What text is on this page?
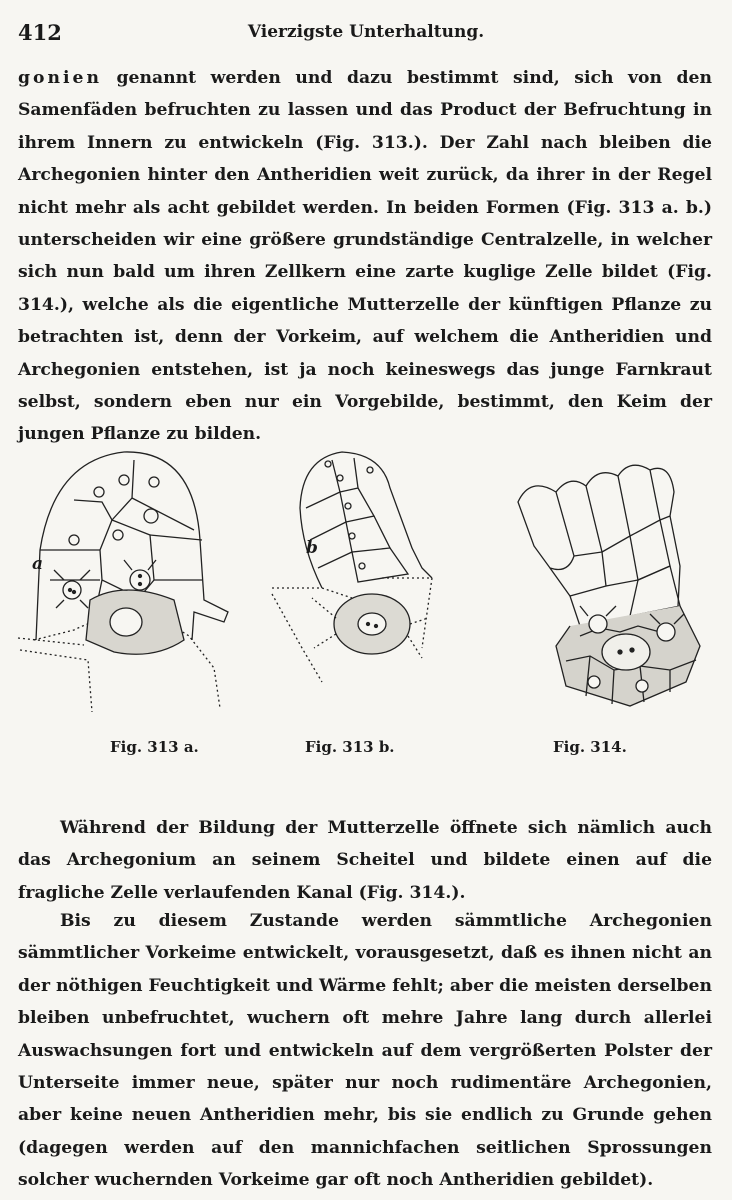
412	Vierzigste Unterhaltung.

gonien genannt werden und dazu bestimmt sind, sich von den Samenfäden befruchten zu lassen und das Product der Befruchtung in ihrem Innern zu entwickeln (Fig. 313.). Der Zahl nach bleiben die Archegonien hinter den Antheridien weit zurück, da ihrer in der Regel nicht mehr als acht gebildet werden. In beiden Formen (Fig. 313 a. b.) unterscheiden wir eine größere grundständige Centralzelle, in welcher sich nun bald um ihren Zellkern eine zarte kuglige Zelle bildet (Fig. 314.), welche als die eigentliche Mutterzelle der künftigen Pflanze zu betrachten ist, denn der Vorkeim, auf welchem die Antheridien und Archegonien entstehen, ist ja noch keineswegs das junge Farnkraut selbst, sondern eben nur ein Vorgebilde, bestimmt, den Keim der jungen Pflanze zu bilden.

a
b
Fig. 313 a.	Fig. 313 b.	Fig. 314.

Während der Bildung der Mutterzelle öffnete sich nämlich auch das Archegonium an seinem Scheitel und bildete einen auf die fragliche Zelle verlaufenden Kanal (Fig. 314.).

Bis zu diesem Zustande werden sämmtliche Archegonien sämmtlicher Vorkeime entwickelt, vorausgesetzt, daß es ihnen nicht an der nöthigen Feuchtigkeit und Wärme fehlt; aber die meisten derselben bleiben unbefruchtet, wuchern oft mehre Jahre lang durch allerlei Auswachsungen fort und entwickeln auf dem vergrößerten Polster der Unterseite immer neue, später nur noch rudimentäre Archegonien, aber keine neuen Antheridien mehr, bis sie endlich zu Grunde gehen (dagegen werden auf den mannichfachen seitlichen Sprossungen solcher wuchernden Vorkeime gar oft noch Antheridien gebildet).
